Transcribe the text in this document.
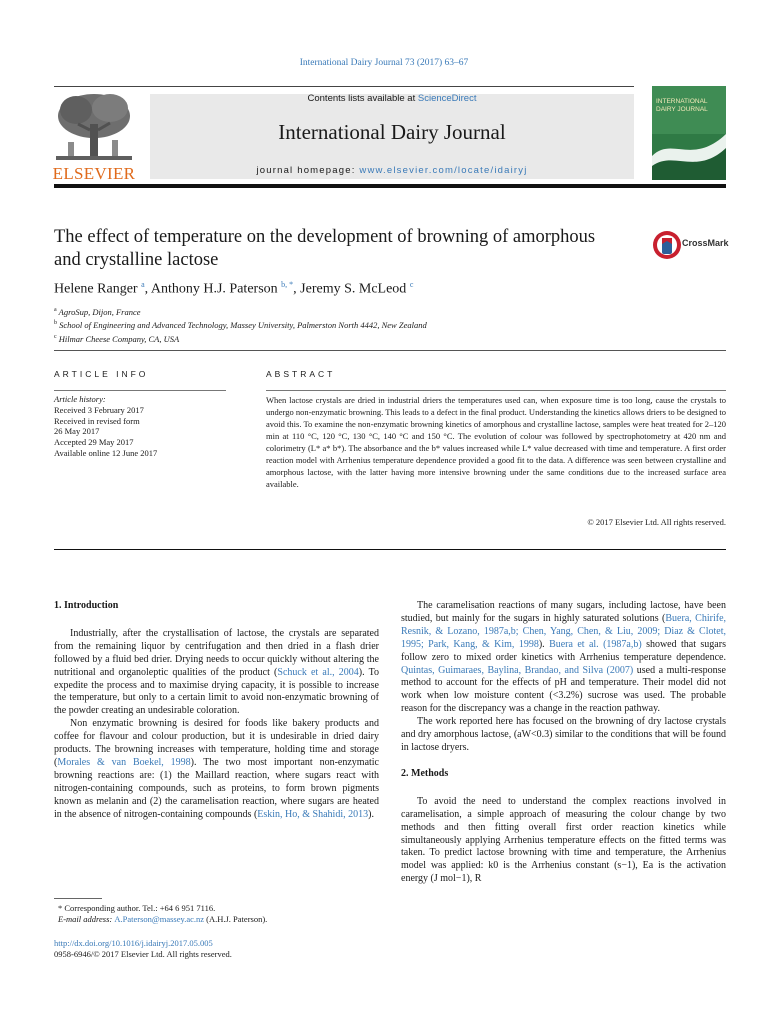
International Dairy Journal 73 (2017) 63–67
ELSEVIER
Contents lists available at ScienceDirect
International Dairy Journal
journal homepage: www.elsevier.com/locate/idairyj
INTERNATIONAL DAIRY JOURNAL
The effect of temperature on the development of browning of amorphous and crystalline lactose
CrossMark
Helene Ranger $^a$, Anthony H.J. Paterson $^{b, *}$, Jeremy S. McLeod $^c$
$^a$ AgroSup, Dijon, France
$^b$ School of Engineering and Advanced Technology, Massey University, Palmerston North 4442, New Zealand
$^c$ Hilmar Cheese Company, CA, USA
ARTICLE INFO
Article history:
Received 3 February 2017
Received in revised form
26 May 2017
Accepted 29 May 2017
Available online 12 June 2017
ABSTRACT

When lactose crystals are dried in industrial driers the temperatures used can, when exposure time is too long, cause the crystals to undergo non-enzymatic browning. This leads to a defect in the final product. Understanding the kinetics allows driers to be designed to avoid this. To examine the non-enzymatic browning kinetics of amorphous and crystalline lactose, samples were heat treated for 2–120 min at 110 °C, 120 °C, 130 °C, 140 °C and 150 °C. The evolution of colour was followed by spectrophotometry at 420 nm and colorimetry (L* a* b*). The absorbance and the b* values increased while L* value decreased with time and temperature. A first order reaction model with Arrhenius temperature dependence provided a good fit to the data. A difference was seen between crystalline and amorphous lactose, with the latter having more intensive browning under the same conditions due to the increased surface area available.

© 2017 Elsevier Ltd. All rights reserved.
1. Introduction

Industrially, after the crystallisation of lactose, the crystals are separated from the remaining liquor by centrifugation and then dried in a flash drier followed by a fluid bed drier. Drying needs to occur quickly without altering the nutritional and organoleptic qualities of the product (Schuck et al., 2004). To expedite the process and to maximise drying capacity, it is possible to increase the temperature, but only to a certain limit to avoid non-enzymatic browning of the powder creating an undesirable coloration.

Non enzymatic browning is desired for foods like bakery products and coffee for flavour and colour production, but it is undesirable in dried dairy products. The browning increases with temperature, holding time and storage (Morales & van Boekel, 1998). The two most important non-enzymatic browning reactions are: (1) the Maillard reaction, where sugars react with nitrogen-containing compounds, such as proteins, to form brown pigments known as melanin and (2) the caramelisation reaction, where sugars are heated in the absence of nitrogen-containing compounds (Eskin, Ho, & Shahidi, 2013).

The caramelisation reactions of many sugars, including lactose, have been studied, but mainly for the sugars in highly saturated solutions (Buera, Chirife, Resnik, & Lozano, 1987a,b; Chen, Yang, Chen, & Liu, 2009; Diaz & Clotet, 1995; Park, Kang, & Kim, 1998). Buera et al. (1987a,b) showed that sugars follow zero to mixed order kinetics with Arrhenius temperature dependence. Quintas, Guimaraes, Baylina, Brandao, and Silva (2007) used a multi-response method to account for the effects of pH and temperature. Their model did not work when low moisture content (<3.2%) sucrose was used. The probable reason for the discrepancy was a change in the reaction pathway.

The work reported here has focused on the browning of dry lactose crystals and dry amorphous lactose, (aW<0.3) similar to the conditions that will be found in lactose dryers.

2. Methods

To avoid the need to understand the complex reactions involved in caramelisation, a simple approach of measuring the colour change by two methods and then fitting overall first order reaction kinetics while simultaneously applying Arrhenius temperature effects on the fitted terms was taken. To predict lactose browning with time and temperature, the Arrhenius model was applied: k0 is the Arrhenius constant (s−1), Ea is the activation energy (J mol−1), R

* Corresponding author. Tel.: +64 6 951 7116.
E-mail address: A.Paterson@massey.ac.nz (A.H.J. Paterson).
http://dx.doi.org/10.1016/j.idairyj.2017.05.005
0958-6946/© 2017 Elsevier Ltd. All rights reserved.
